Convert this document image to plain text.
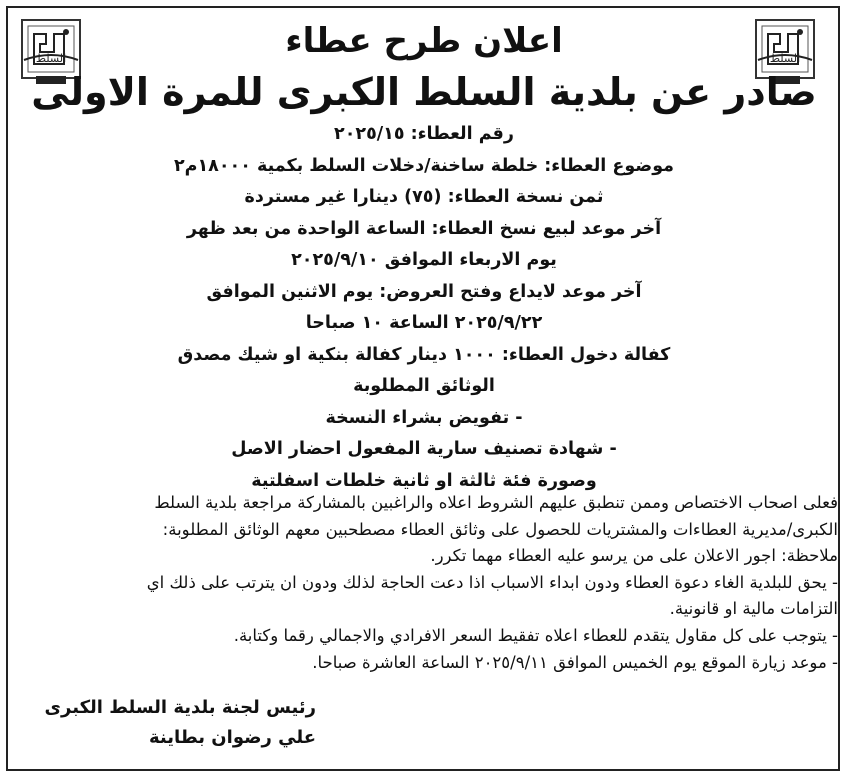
السلط	السلط
اعلان طرح عطاء
صادر عن بلدية السلط الكبرى للمرة الاولى
رقم العطاء: ٢٠٢٥/١٥
موضوع العطاء: خلطة ساخنة/دخلات السلط بكمية ١٨٠٠٠م٢
ثمن نسخة العطاء: (٧٥) دينارا غير مستردة
آخر موعد لبيع نسخ العطاء: الساعة الواحدة من بعد ظهر
يوم الاربعاء الموافق ٢٠٢٥/٩/١٠
آخر موعد لايداع وفتح العروض: يوم الاثنين الموافق
٢٠٢٥/٩/٢٢ الساعة ١٠ صباحا
كفالة دخول العطاء: ١٠٠٠ دينار كفالة بنكية او شيك مصدق
الوثائق المطلوبة
- تفويض بشراء النسخة
- شهادة تصنيف سارية المفعول احضار الاصل
وصورة فئة ثالثة او ثانية خلطات اسفلتية
فعلى اصحاب الاختصاص وممن تنطبق عليهم الشروط اعلاه والراغبين بالمشاركة مراجعة بلدية السلط
الكبرى/مديرية العطاءات والمشتريات للحصول على وثائق العطاء مصطحبين معهم الوثائق المطلوبة:
ملاحظة: اجور الاعلان على من يرسو عليه العطاء مهما تكرر.
- يحق للبلدية الغاء دعوة العطاء ودون ابداء الاسباب اذا دعت الحاجة لذلك ودون ان يترتب على ذلك اي
التزامات مالية او قانونية.
- يتوجب على كل مقاول يتقدم للعطاء اعلاه تفقيط السعر الافرادي والاجمالي رقما وكتابة.
- موعد زيارة الموقع يوم الخميس الموافق ٢٠٢٥/٩/١١ الساعة العاشرة صباحا.
رئيس لجنة بلدية السلط الكبرى
علي رضوان بطاينة
